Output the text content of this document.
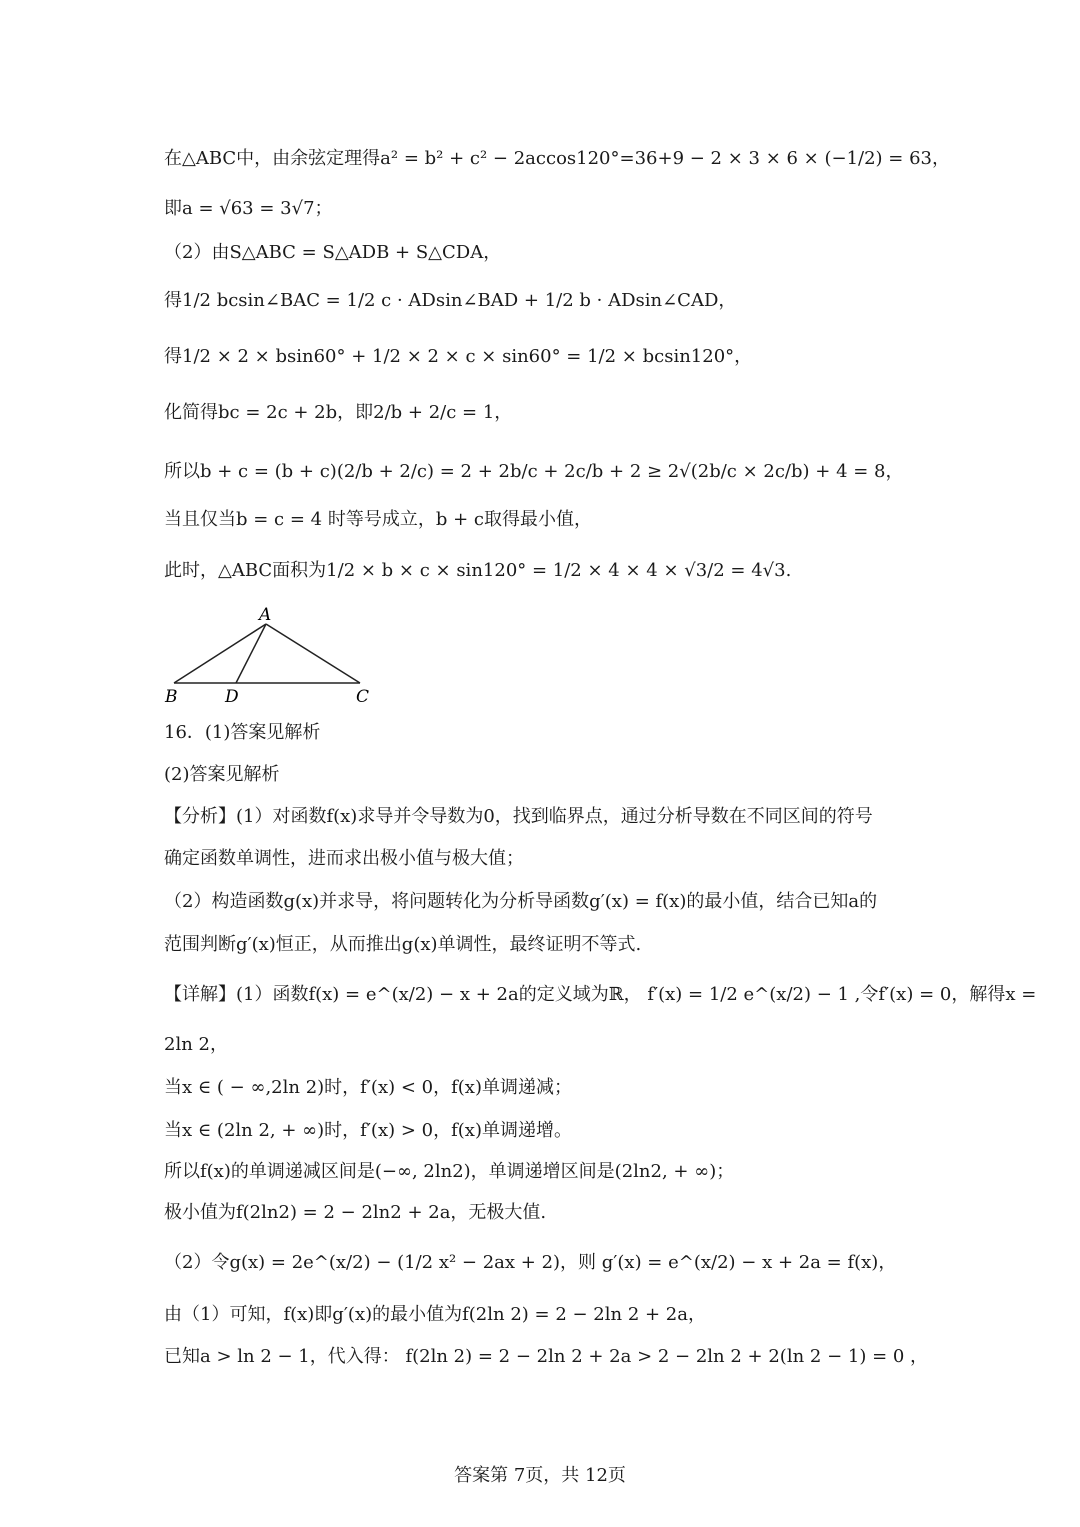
在△ABC中，由余弦定理得a² = b² + c² − 2accos120°=36+9 − 2 × 3 × 6 × (−1/2) = 63，
即a = √63 = 3√7；
（2）由S△ABC = S△ADB + S△CDA，
得1/2 bcsin∠BAC = 1/2 c · ADsin∠BAD + 1/2 b · ADsin∠CAD，
得1/2 × 2 × bsin60° + 1/2 × 2 × c × sin60° = 1/2 × bcsin120°，
化简得bc = 2c + 2b，即2/b + 2/c = 1，
所以b + c = (b + c)(2/b + 2/c) = 2 + 2b/c + 2c/b + 2 ≥ 2√(2b/c × 2c/b) + 4 = 8，
当且仅当b = c = 4 时等号成立，b + c取得最小值，
此时，△ABC面积为1/2 × b × c × sin120° = 1/2 × 4 × 4 × √3/2 = 4√3.
A
B	D	C
16．(1)答案见解析
(2)答案见解析
【分析】(1）对函数f(x)求导并令导数为0，找到临界点，通过分析导数在不同区间的符号
确定函数单调性，进而求出极小值与极大值；
（2）构造函数g(x)并求导，将问题转化为分析导函数g′(x) = f(x)的最小值，结合已知a的
范围判断g′(x)恒正，从而推出g(x)单调性，最终证明不等式.
【详解】(1）函数f(x) = e^(x/2) − x + 2a的定义域为ℝ， f′(x) = 1/2 e^(x/2) − 1 ,令f′(x) = 0，解得x =
2ln 2，
当x ∈ ( − ∞,2ln 2)时，f′(x) < 0，f(x)单调递减；
当x ∈ (2ln 2, + ∞)时，f′(x) > 0，f(x)单调递增。
所以f(x)的单调递减区间是(−∞, 2ln2)，单调递增区间是(2ln2, + ∞)；
极小值为f(2ln2) = 2 − 2ln2 + 2a，无极大值.
（2）令g(x) = 2e^(x/2) − (1/2 x² − 2ax + 2)，则 g′(x) = e^(x/2) − x + 2a = f(x)，
由（1）可知，f(x)即g′(x)的最小值为f(2ln 2) = 2 − 2ln 2 + 2a，
已知a > ln 2 − 1，代入得： f(2ln 2) = 2 − 2ln 2 + 2a > 2 − 2ln 2 + 2(ln 2 − 1) = 0 ，
答案第 7页，共 12页
